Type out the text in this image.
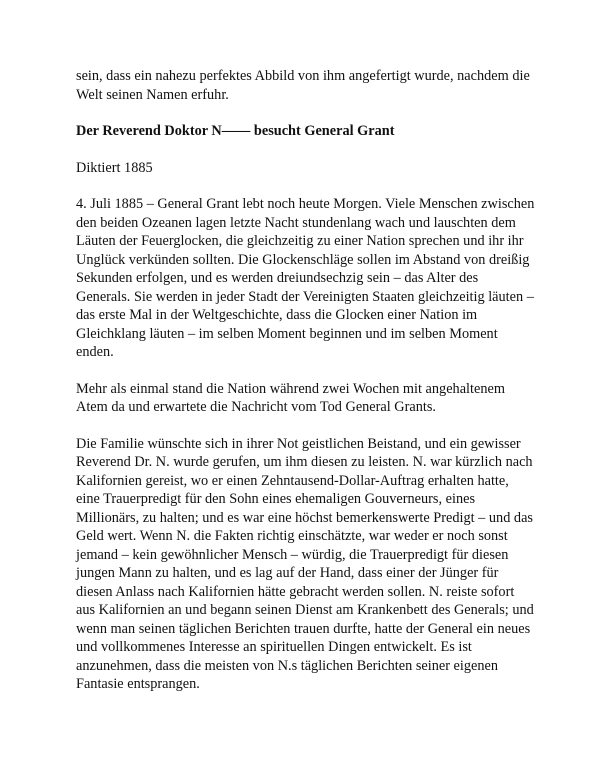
sein, dass ein nahezu perfektes Abbild von ihm angefertigt wurde, nachdem die Welt seinen Namen erfuhr.

Der Reverend Doktor N—— besucht General Grant

Diktiert 1885

4. Juli 1885 – General Grant lebt noch heute Morgen. Viele Menschen zwischen den beiden Ozeanen lagen letzte Nacht stundenlang wach und lauschten dem Läuten der Feuerglocken, die gleichzeitig zu einer Nation sprechen und ihr ihr Unglück verkünden sollten. Die Glockenschläge sollen im Abstand von dreißig Sekunden erfolgen, und es werden dreiundsechzig sein – das Alter des Generals. Sie werden in jeder Stadt der Vereinigten Staaten gleichzeitig läuten – das erste Mal in der Weltgeschichte, dass die Glocken einer Nation im Gleichklang läuten – im selben Moment beginnen und im selben Moment enden.

Mehr als einmal stand die Nation während zwei Wochen mit angehaltenem Atem da und erwartete die Nachricht vom Tod General Grants.

Die Familie wünschte sich in ihrer Not geistlichen Beistand, und ein gewisser Reverend Dr. N. wurde gerufen, um ihm diesen zu leisten. N. war kürzlich nach Kalifornien gereist, wo er einen Zehntausend-Dollar-Auftrag erhalten hatte, eine Trauerpredigt für den Sohn eines ehemaligen Gouverneurs, eines Millionärs, zu halten; und es war eine höchst bemerkenswerte Predigt – und das Geld wert. Wenn N. die Fakten richtig einschätzte, war weder er noch sonst jemand – kein gewöhnlicher Mensch – würdig, die Trauerpredigt für diesen jungen Mann zu halten, und es lag auf der Hand, dass einer der Jünger für diesen Anlass nach Kalifornien hätte gebracht werden sollen. N. reiste sofort aus Kalifornien an und begann seinen Dienst am Krankenbett des Generals; und wenn man seinen täglichen Berichten trauen durfte, hatte der General ein neues und vollkommenes Interesse an spirituellen Dingen entwickelt. Es ist anzunehmen, dass die meisten von N.s täglichen Berichten seiner eigenen Fantasie entsprangen.
